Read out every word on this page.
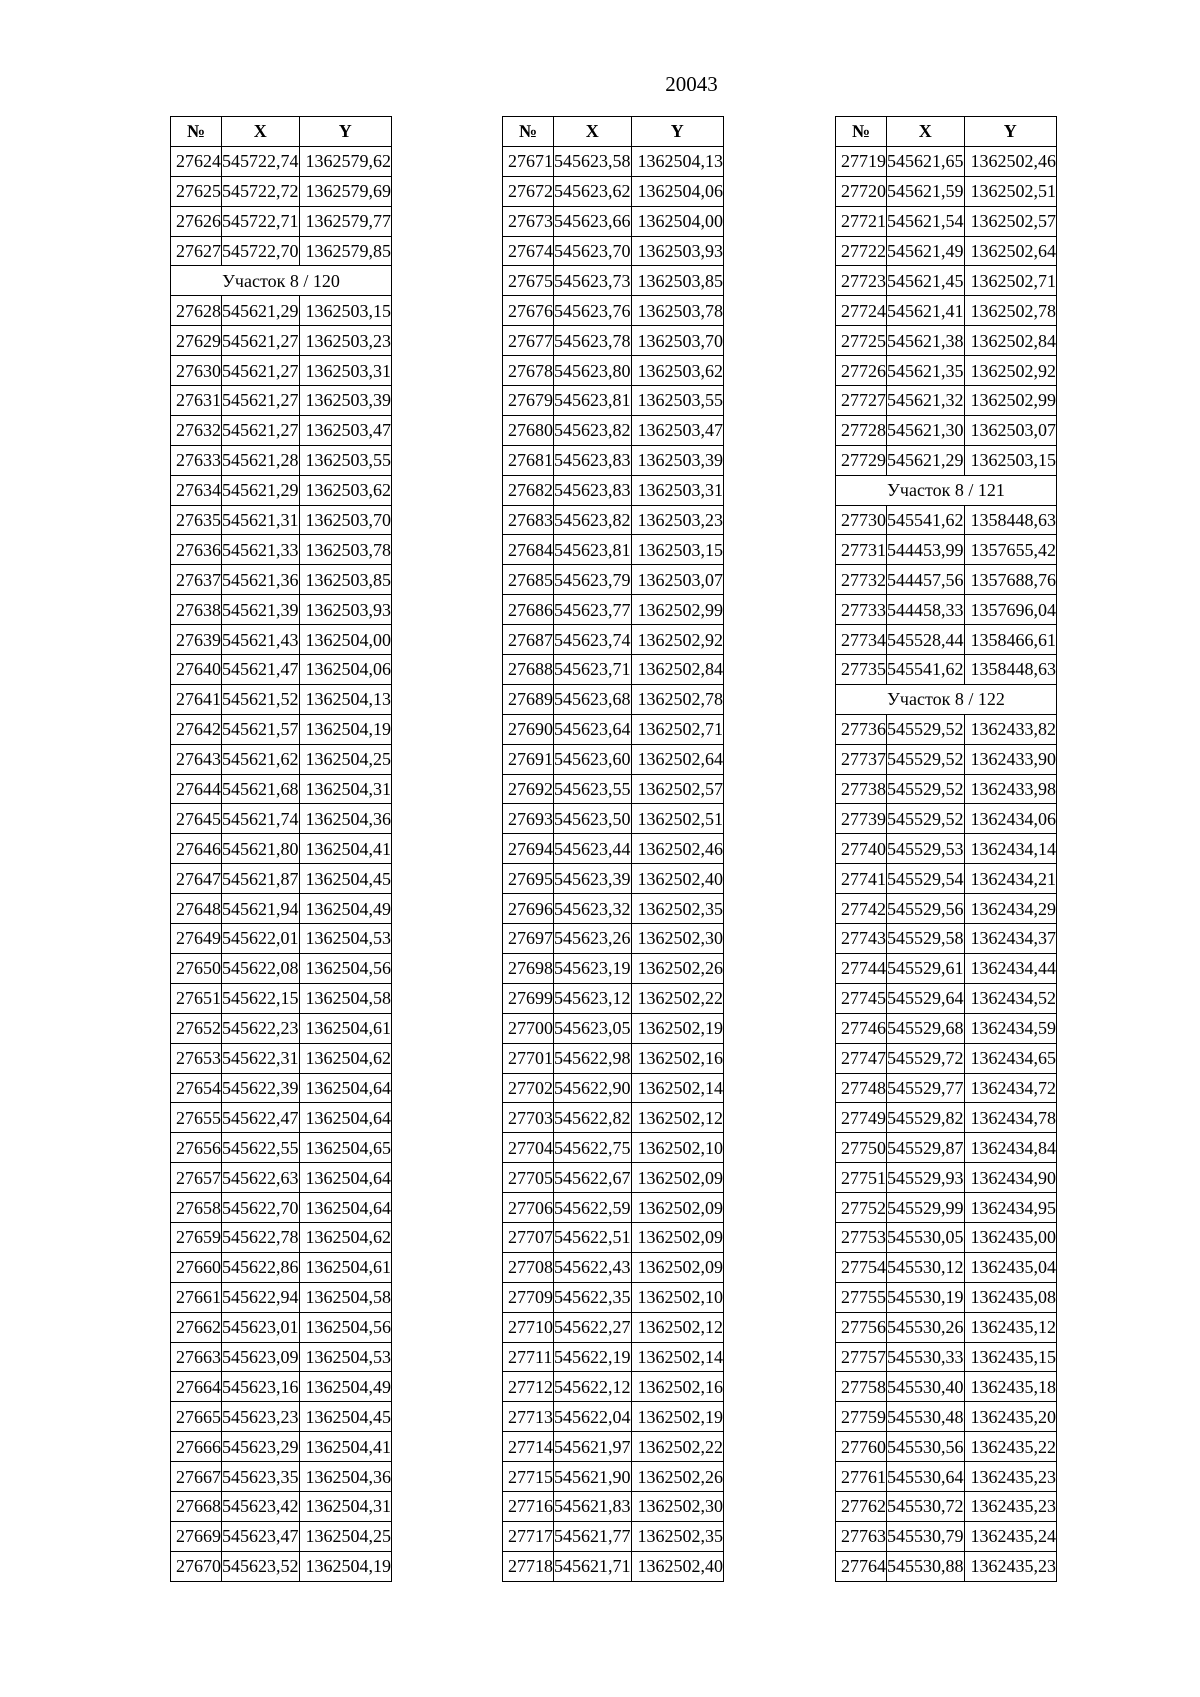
20043
№	X	Y
27624	545722,74	1362579,62
27625	545722,72	1362579,69
27626	545722,71	1362579,77
27627	545722,70	1362579,85
Участок 8 / 120		
27628	545621,29	1362503,15
27629	545621,27	1362503,23
27630	545621,27	1362503,31
27631	545621,27	1362503,39
27632	545621,27	1362503,47
27633	545621,28	1362503,55
27634	545621,29	1362503,62
27635	545621,31	1362503,70
27636	545621,33	1362503,78
27637	545621,36	1362503,85
27638	545621,39	1362503,93
27639	545621,43	1362504,00
27640	545621,47	1362504,06
27641	545621,52	1362504,13
27642	545621,57	1362504,19
27643	545621,62	1362504,25
27644	545621,68	1362504,31
27645	545621,74	1362504,36
27646	545621,80	1362504,41
27647	545621,87	1362504,45
27648	545621,94	1362504,49
27649	545622,01	1362504,53
27650	545622,08	1362504,56
27651	545622,15	1362504,58
27652	545622,23	1362504,61
27653	545622,31	1362504,62
27654	545622,39	1362504,64
27655	545622,47	1362504,64
27656	545622,55	1362504,65
27657	545622,63	1362504,64
27658	545622,70	1362504,64
27659	545622,78	1362504,62
27660	545622,86	1362504,61
27661	545622,94	1362504,58
27662	545623,01	1362504,56
27663	545623,09	1362504,53
27664	545623,16	1362504,49
27665	545623,23	1362504,45
27666	545623,29	1362504,41
27667	545623,35	1362504,36
27668	545623,42	1362504,31
27669	545623,47	1362504,25
27670	545623,52	1362504,19
№	X	Y
27671	545623,58	1362504,13
27672	545623,62	1362504,06
27673	545623,66	1362504,00
27674	545623,70	1362503,93
27675	545623,73	1362503,85
27676	545623,76	1362503,78
27677	545623,78	1362503,70
27678	545623,80	1362503,62
27679	545623,81	1362503,55
27680	545623,82	1362503,47
27681	545623,83	1362503,39
27682	545623,83	1362503,31
27683	545623,82	1362503,23
27684	545623,81	1362503,15
27685	545623,79	1362503,07
27686	545623,77	1362502,99
27687	545623,74	1362502,92
27688	545623,71	1362502,84
27689	545623,68	1362502,78
27690	545623,64	1362502,71
27691	545623,60	1362502,64
27692	545623,55	1362502,57
27693	545623,50	1362502,51
27694	545623,44	1362502,46
27695	545623,39	1362502,40
27696	545623,32	1362502,35
27697	545623,26	1362502,30
27698	545623,19	1362502,26
27699	545623,12	1362502,22
27700	545623,05	1362502,19
27701	545622,98	1362502,16
27702	545622,90	1362502,14
27703	545622,82	1362502,12
27704	545622,75	1362502,10
27705	545622,67	1362502,09
27706	545622,59	1362502,09
27707	545622,51	1362502,09
27708	545622,43	1362502,09
27709	545622,35	1362502,10
27710	545622,27	1362502,12
27711	545622,19	1362502,14
27712	545622,12	1362502,16
27713	545622,04	1362502,19
27714	545621,97	1362502,22
27715	545621,90	1362502,26
27716	545621,83	1362502,30
27717	545621,77	1362502,35
27718	545621,71	1362502,40
№	X	Y
27719	545621,65	1362502,46
27720	545621,59	1362502,51
27721	545621,54	1362502,57
27722	545621,49	1362502,64
27723	545621,45	1362502,71
27724	545621,41	1362502,78
27725	545621,38	1362502,84
27726	545621,35	1362502,92
27727	545621,32	1362502,99
27728	545621,30	1362503,07
27729	545621,29	1362503,15
Участок 8 / 121		
27730	545541,62	1358448,63
27731	544453,99	1357655,42
27732	544457,56	1357688,76
27733	544458,33	1357696,04
27734	545528,44	1358466,61
27735	545541,62	1358448,63
Участок 8 / 122		
27736	545529,52	1362433,82
27737	545529,52	1362433,90
27738	545529,52	1362433,98
27739	545529,52	1362434,06
27740	545529,53	1362434,14
27741	545529,54	1362434,21
27742	545529,56	1362434,29
27743	545529,58	1362434,37
27744	545529,61	1362434,44
27745	545529,64	1362434,52
27746	545529,68	1362434,59
27747	545529,72	1362434,65
27748	545529,77	1362434,72
27749	545529,82	1362434,78
27750	545529,87	1362434,84
27751	545529,93	1362434,90
27752	545529,99	1362434,95
27753	545530,05	1362435,00
27754	545530,12	1362435,04
27755	545530,19	1362435,08
27756	545530,26	1362435,12
27757	545530,33	1362435,15
27758	545530,40	1362435,18
27759	545530,48	1362435,20
27760	545530,56	1362435,22
27761	545530,64	1362435,23
27762	545530,72	1362435,23
27763	545530,79	1362435,24
27764	545530,88	1362435,23
